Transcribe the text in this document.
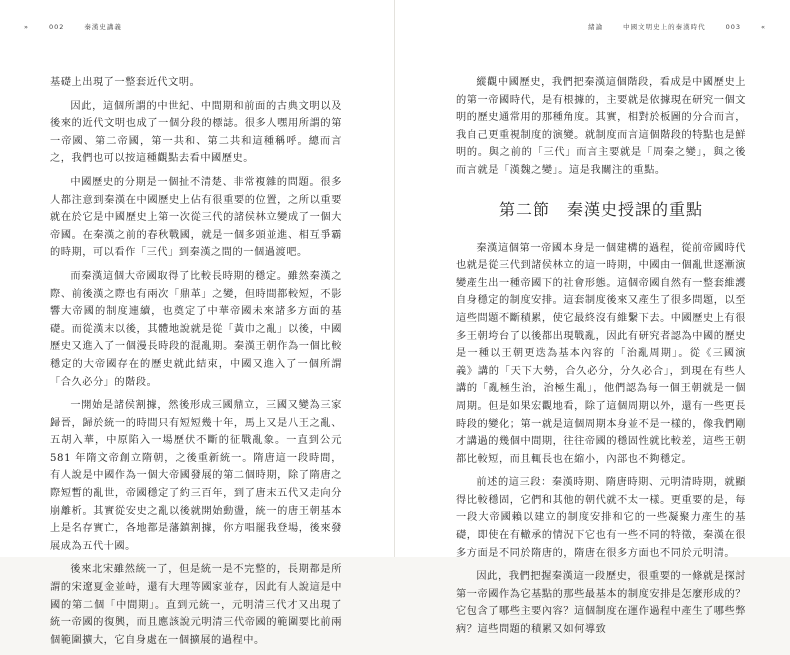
»	002	秦漢史講義

基礎上出現了一整套近代文明。

因此，這個所謂的中世紀、中間期和前面的古典文明以及後來的近代文明也成了一個分段的標誌。很多人嘿用所謂的第一帝國、第二帝國，第一共和、第二共和這種稱呼。總而言之，我們也可以按這種觀點去看中國歷史。

中國歷史的分期是一個扯不清楚、非常複雜的問題。很多人都注意到秦漢在中國歷史上佔有很重要的位置，之所以重要就在於它是中國歷史上第一次從三代的諸侯林立變成了一個大帝國。在秦漢之前的春秋戰國，就是一個多頭並進、相互爭霸的時期，可以看作「三代」到秦漢之間的一個過渡吧。

而秦漢這個大帝國取得了比較長時期的穩定。雖然秦漢之際、前後漢之際也有兩次「鼎革」之變，但時間都較短，不影響大帝國的制度連續，也奠定了中華帝國未來諸多方面的基礎。而從漢末以後，其體地說就是從「黃巾之亂」以後，中國歷史又進入了一個漫長時段的混亂期。秦漢王朝作為一個比較穩定的大帝國存在的歷史就此結束，中國又進入了一個所謂「合久必分」的階段。

一開始是諸侯割據，然後形成三國鼎立，三國又變為三家歸晉，歸於統一的時間只有短短幾十年，馬上又是八王之亂、五胡入華，中原陷入一場歷伏不斷的征戰亂象。一直到公元 581 年隋文帝創立隋朝，之後重新統一。隋唐這一段時間，有人說是中國作為一個大帝國發展的第二個時期，除了隋唐之際短暫的亂世，帝國穩定了約三百年，到了唐末五代又走向分崩離析。其實從安史之亂以後就開始動盪，統一的唐王朝基本上是名存實亡，各地都是藩鎮割據，你方唱罷我登場，後來發展成為五代十國。

後來北宋雖然統一了，但是統一是不完整的，長期都是所謂的宋遼夏金並峙，還有大理等國家並存，因此有人說這是中國的第二個「中間期」。直到元統一，元明清三代才又出現了統一帝國的復興，而且應該說元明清三代帝國的範圍要比前兩個範圍擴大，它自身處在一個擴展的過程中。

緒論	中國文明史上的秦漢時代	003	«

縱觀中國歷史，我們把秦漢這個階段，看成是中國歷史上的第一帝國時代，是有根據的，主要就是依據現在研究一個文明的歷史通常用的那種角度。其實，相對於板圖的分合而言，我自己更重視制度的演變。就制度而言這個階段的特點也是鮮明的。與之前的「三代」而言主要就是「周秦之變」，與之後而言就是「漢魏之變」。這是我關注的重點。

第二節　秦漢史授課的重點

秦漢這個第一帝國本身是一個建構的過程，從前帝國時代也就是從三代到諸侯林立的這一時期，中國由一個亂世逐漸演變產生出一種帝國下的社會形態。這個帝國自然有一整套維護自身穩定的制度安排。這套制度後來又產生了很多問題，以至這些問題不斷積累，使它最終沒有維繫下去。中國歷史上有很多王朝垮台了以後都出現戰亂，因此有研究者認為中國的歷史是一種以王朝更迭為基本內容的「治亂周期」。從《三國演義》講的「天下大勢，合久必分，分久必合」，到現在有些人講的「亂極生治，治極生亂」，他們認為每一個王朝就是一個周期。但是如果宏觀地看，除了這個周期以外，還有一些更長時段的變化；第一就是這個周期本身並不是一樣的，像我們剛才講過的幾個中間期，往往帝國的穩固性就比較差，這些王朝都比較短，而且輒長也在縮小，內部也不夠穩定。

前述的這三段：秦漢時期、隋唐時期、元明清時期，就顯得比較穩固，它們和其他的朝代就不太一樣。更重要的是，每一段大帝國賴以建立的制度安排和它的一些凝聚力產生的基礎，即使在有轍承的情況下它也有一些不同的特徵，秦漢在很多方面是不同於隋唐的，隋唐在很多方面也不同於元明清。

因此，我們把握秦漢這一段歷史，很重要的一條就是探討第一帝國作為它基點的那些最基本的制度安排是怎麼形成的？它包含了哪些主要內容？這個制度在運作過程中產生了哪些弊病？這些問題的積累又如何導致
